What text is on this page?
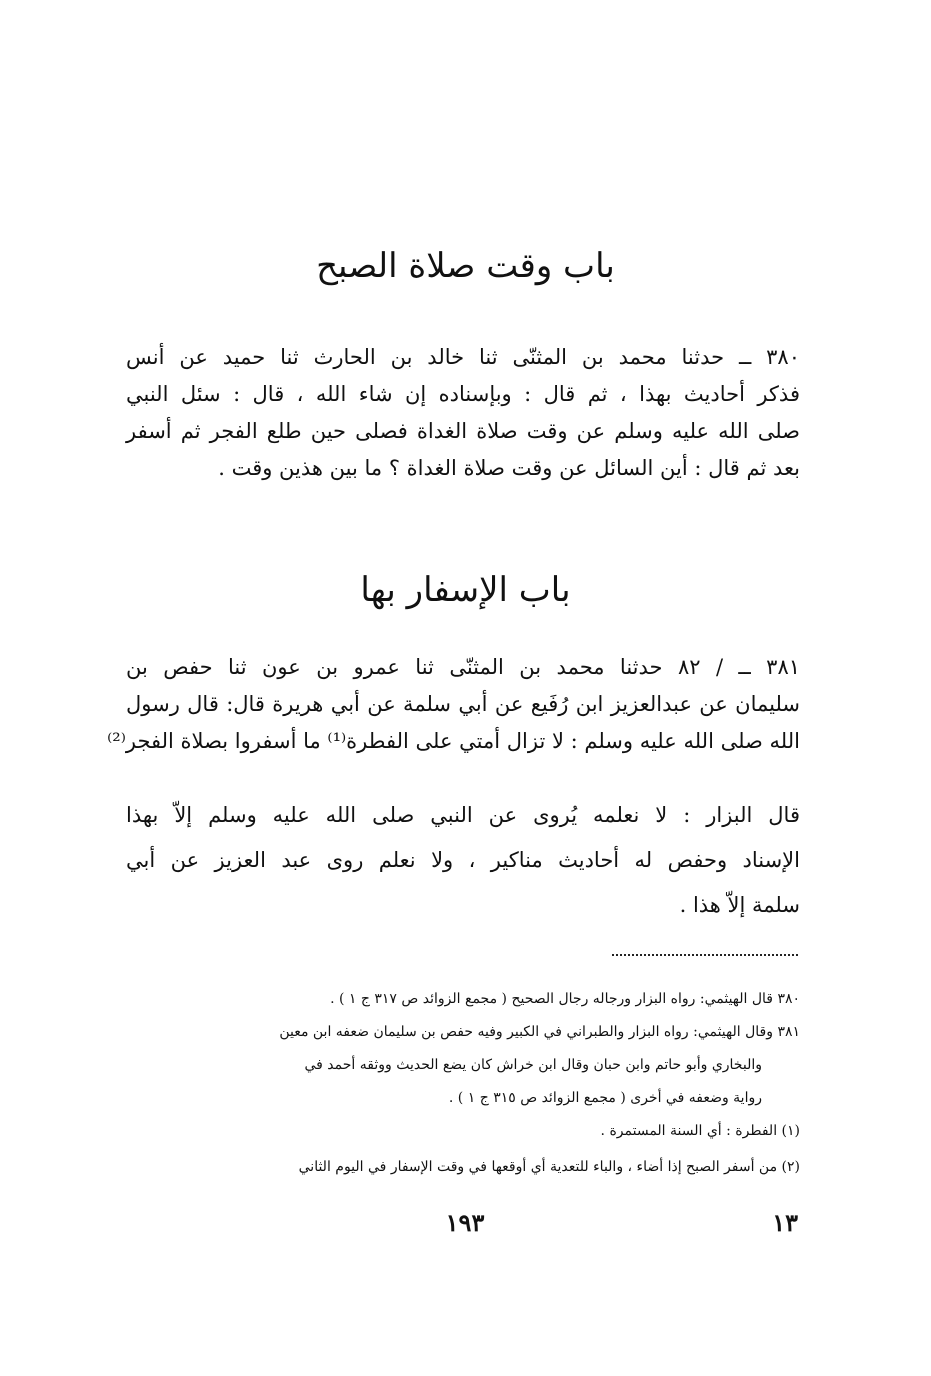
باب وقت صلاة الصبح
٣٨٠ ــ حدثنا محمد بن المثنّى ثنا خالد بن الحارث ثنا حميد عن أنس
فذكر أحاديث بهذا ، ثم قال : وبإسناده إن شاء الله ، قال : سئل النبي
صلى الله عليه وسلم عن وقت صلاة الغداة فصلى حين طلع الفجر ثم أسفر
بعد ثم قال : أين السائل عن وقت صلاة الغداة ؟ ما بين هذين وقت .
باب الإسفار بها
٣٨١ ــ / ٨٢ حدثنا محمد بن المثنّى ثنا عمرو بن عون ثنا حفص بن
سليمان عن عبدالعزيز ابن رُفَيع عن أبي سلمة عن أبي هريرة قال: قال رسول
الله صلى الله عليه وسلم : لا تزال أمتي على الفطرة⁽¹⁾ ما أسفروا بصلاة الفجر⁽²⁾
قال البزار : لا نعلمه يُروى عن النبي صلى الله عليه وسلم إلاّ بهذا
الإسناد وحفص له أحاديث مناكير ، ولا نعلم روى عبد العزيز عن أبي
سلمة إلاّ هذا .
٣٨٠ قال الهيثمي: رواه البزار ورجاله رجال الصحيح ( مجمع الزوائد ص ٣١٧ ج ١ ) .
٣٨١ وقال الهيثمي: رواه البزار والطبراني في الكبير وفيه حفص بن سليمان ضعفه ابن معين
والبخاري وأبو حاتم وابن حبان وقال ابن خراش كان يضع الحديث ووثقه أحمد في
رواية وضعفه في أخرى ( مجمع الزوائد ص ٣١٥ ج ١ ) .
(١) الفطرة : أي السنة المستمرة .
(٢) من أسفر الصبح إذا أضاء ، والباء للتعدية أي أوقعها في وقت الإسفار في اليوم الثاني
١٩٣	١٣
